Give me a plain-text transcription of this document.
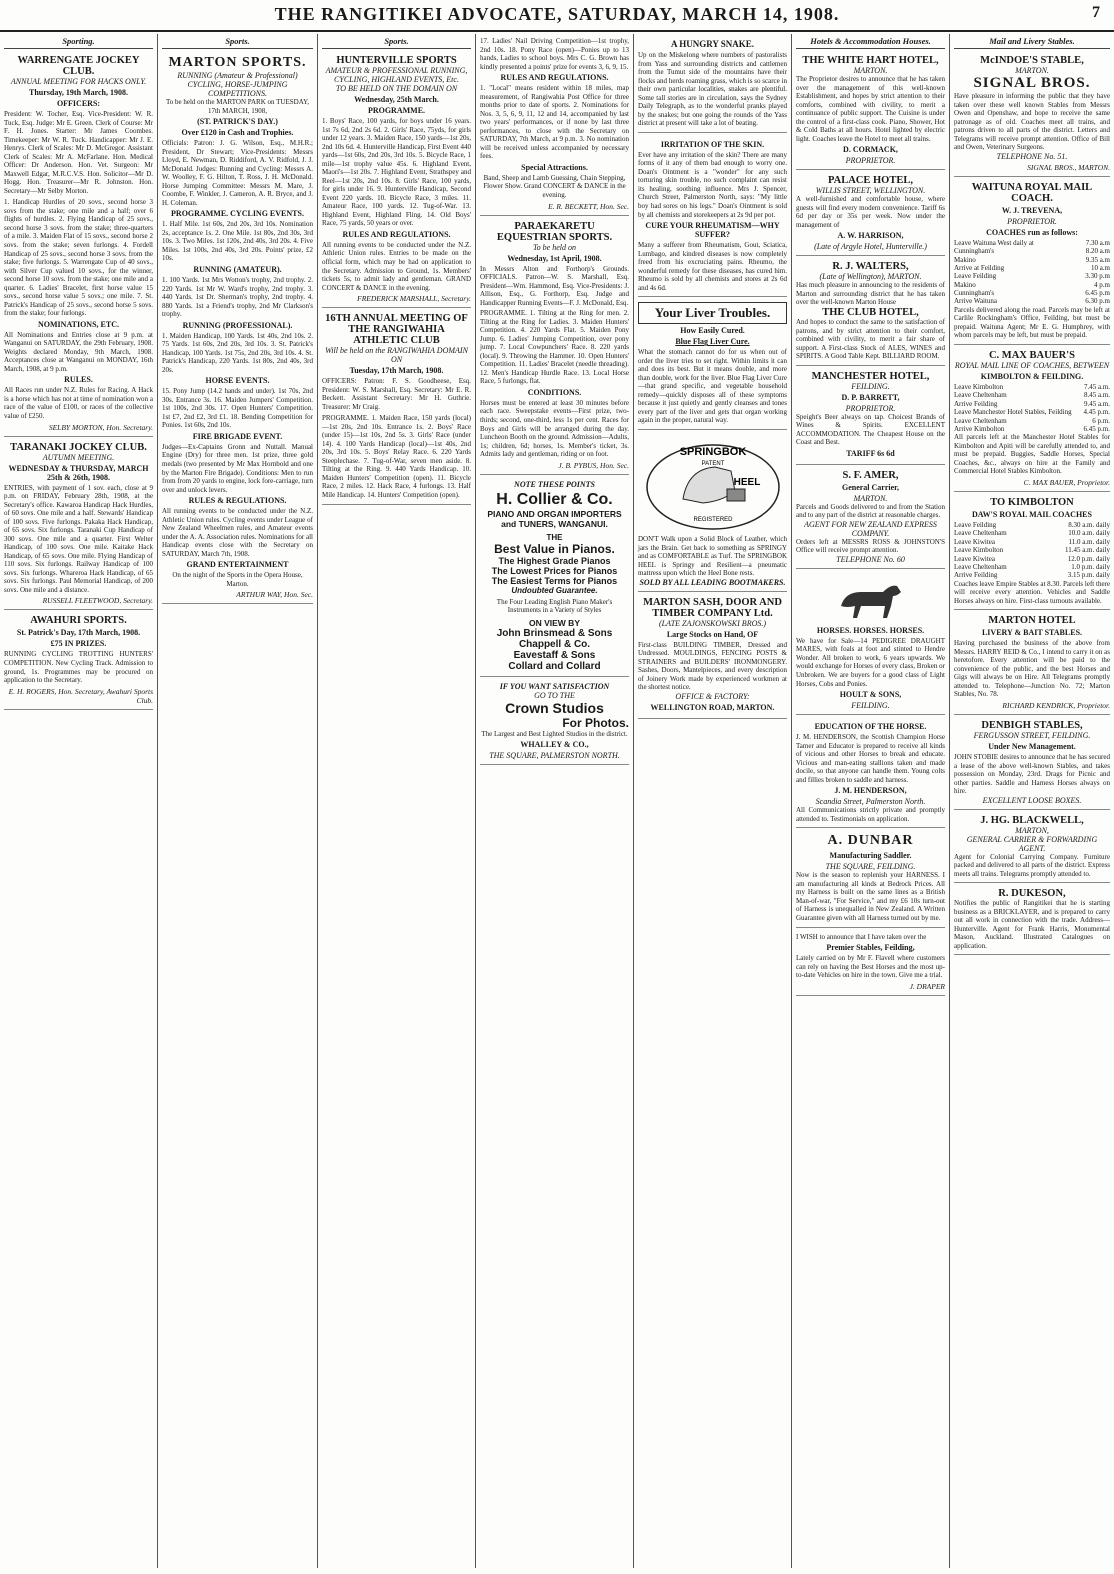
THE RANGITIKEI ADVOCATE, SATURDAY, MARCH 14, 1908.	7
Sporting.
WARRENGATE JOCKEY CLUB.
ANNUAL MEETING FOR HACKS ONLY.
Thursday, 19th March, 1908.
OFFICERS:
President: W. Tocher, Esq. Vice-President: W. R. Tuck, Esq. Judge: Mr E. Green. Clerk of Course: Mr F. H. Jones. Starter: Mr James Coombes. Timekeeper: Mr W. R. Tuck. Handicapper: Mr J. E. Henrys. Clerk of Scales: Mr D. McGregor. Assistant Clerk of Scales: Mr A. McFarlane. Hon. Medical Officer: Dr Anderson. Hon. Vet. Surgeon: Mr Maxwell Edgar, M.R.C.V.S. Hon. Solicitor—Mr D. Hogg. Hon. Treasurer—Mr R. Johnston. Hon. Secretary—Mr Selby Morton.
1. Handicap Hurdles of 20 sovs., second horse 3 sovs from the stake; one mile and a half; over 6 flights of hurdles. 2. Flying Handicap of 25 sovs., second horse 3 sovs. from the stake; three-quarters of a mile. 3. Maiden Flat of 15 sovs., second horse 2 sovs. from the stake; seven furlongs. 4. Fordell Handicap of 25 sovs., second horse 3 sovs. from the stake; five furlongs. 5. Warrengate Cup of 40 sovs., with Silver Cup valued 10 sovs., for the winner, second horse 10 sovs. from the stake; one mile and a quarter. 6. Ladies' Bracelet, first horse value 15 sovs., second horse value 5 sovs.; one mile. 7. St. Patrick's Handicap of 25 sovs., second horse 5 sovs. from the stake; four furlongs.
NOMINATIONS, ETC.
All Nominations and Entries close at 9 p.m. at Wanganui on SATURDAY, the 29th February, 1908. Weights declared Monday, 9th March, 1908. Acceptances close at Wanganui on MONDAY, 16th March, 1908, at 9 p.m.
RULES.
All Races run under N.Z. Rules for Racing. A Hack is a horse which has not at time of nomination won a race of the value of £100, or races of the collective value of £250.
SELBY MORTON, Hon. Secretary.
TARANAKI JOCKEY CLUB.
AUTUMN MEETING.
WEDNESDAY & THURSDAY, MARCH 25th & 26th, 1908.
ENTRIES, with payment of 1 sov. each, close at 9 p.m. on FRIDAY, February 28th, 1908, at the Secretary's office. Kawaroa Handicap Hack Hurdles, of 60 sovs. One mile and a half. Stewards' Handicap of 100 sovs. Five furlongs. Pakaka Hack Handicap, of 65 sovs. Six furlongs. Taranaki Cup Handicap of 300 sovs. One mile and a quarter. First Welter Handicap, of 100 sovs. One mile. Kaitake Hack Handicap, of 65 sovs. One mile. Flying Handicap of 110 sovs. Six furlongs. Railway Handicap of 100 sovs. Six furlongs. Whareroa Hack Handicap, of 65 sovs. Six furlongs. Paul Memorial Handicap, of 200 sovs. One mile and a distance.
RUSSELL FLEETWOOD, Secretary.
AWAHURI SPORTS.
St. Patrick's Day, 17th March, 1908.
£75 IN PRIZES.
RUNNING CYCLING TROTTING HUNTERS' COMPETITION. New Cycling Track. Admission to ground, 1s. Programmes may be procured on application to the Secretary.
E. H. ROGERS, Hon. Secretary, Awahuri Sports Club.
Sports.
MARTON SPORTS.
RUNNING (Amateur & Professional) CYCLING, HORSE-JUMPING COMPETITIONS.
To be held on the MARTON PARK on TUESDAY, 17th MARCH, 1908,
(ST. PATRICK'S DAY.)
Over £120 in Cash and Trophies.
Officials: Patron: J. G. Wilson, Esq., M.H.R.; President, Dr Stewart; Vice-Presidents: Messrs Lloyd, E. Newman, D. Riddiford, A. V. Ridfold, J. J. McDonald. Judges: Running and Cycling: Messrs A. W. Woolley, F. G. Hilton, T. Ross, J. H. McDonald. Horse Jumping Committee: Messrs M. Mare, J. Coombe, F. Winkler, J. Cameron, A. R. Bryce, and J. H. Coleman.
PROGRAMME. CYCLING EVENTS.
1. Half Mile. 1st 60s, 2nd 20s, 3rd 10s. Nomination 2s, acceptance 1s. 2. One Mile. 1st 80s, 2nd 30s, 3rd 10s. 3. Two Miles. 1st 120s, 2nd 40s, 3rd 20s. 4. Five Miles. 1st 100s, 2nd 40s, 3rd 20s. Points' prize, £2 10s.
RUNNING (AMATEUR).
1. 100 Yards. 1st Mrs Wotton's trophy, 2nd trophy. 2. 220 Yards. 1st Mr W. Ward's trophy, 2nd trophy. 3. 440 Yards. 1st Dr. Sherman's trophy, 2nd trophy. 4. 880 Yards. 1st a Friend's trophy, 2nd Mr Clarkson's trophy.
RUNNING (PROFESSIONAL).
1. Maiden Handicap, 100 Yards. 1st 40s, 2nd 10s. 2. 75 Yards. 1st 60s, 2nd 20s, 3rd 10s. 3. St. Patrick's Handicap, 100 Yards. 1st 75s, 2nd 20s, 3rd 10s. 4. St. Patrick's Handicap, 220 Yards. 1st 80s, 2nd 40s, 3rd 20s.
HORSE EVENTS.
15. Pony Jump (14.2 hands and under). 1st 70s, 2nd 30s. Entrance 3s. 16. Maiden Jumpers' Competition. 1st 100s, 2nd 30s. 17. Open Hunters' Competition. 1st £7, 2nd £2, 3rd £1. 18. Bending Competition for Ponies. 1st 60s, 2nd 10s.
FIRE BRIGADE EVENT.
Judges—Ex-Captains Gronn and Nuttall. Manual Engine (Dry) for three men. 1st prize, three gold medals (two presented by Mr Max Hornbold and one by the Marton Fire Brigade). Conditions: Men to run from from 20 yards to engine, lock fore-carriage, turn over and unlock levers.
RULES & REGULATIONS.
All running events to be conducted under the N.Z. Athletic Union rules. Cycling events under League of New Zealand Wheelmen rules, and Amateur events under the A. A. Association rules. Nominations for all Handicap events close with the Secretary on SATURDAY, March 7th, 1908.
GRAND ENTERTAINMENT
On the night of the Sports in the Opera House, Marton.
ARTHUR WAY, Hon. Sec.
Sports.
HUNTERVILLE SPORTS
AMATEUR & PROFESSIONAL RUNNING, CYCLING, HIGHLAND EVENTS, Etc.
TO BE HELD ON THE DOMAIN ON
Wednesday, 25th March.
PROGRAMME.
1. Boys' Race, 100 yards, for boys under 16 years. 1st 7s 6d, 2nd 2s 6d. 2. Girls' Race, 75yds, for girls under 12 years. 3. Maiden Race, 150 yards—1st 20s, 2nd 10s 6d. 4. Hunterville Handicap, First Event 440 yards—1st 60s, 2nd 20s, 3rd 10s. 5. Bicycle Race, 1 mile—1st trophy value 45s. 6. Highland Event, Maori's—1st 20s. 7. Highland Event, Strathspey and Reel—1st 20s, 2nd 10s. 8. Girls' Race, 100 yards, for girls under 16. 9. Hunterville Handicap, Second Event 220 yards. 10. Bicycle Race, 3 miles. 11. Amateur Race, 100 yards. 12. Tug-of-War. 13. Highland Event, Highland Fling. 14. Old Boys' Race, 75 yards, 50 years or over.
RULES AND REGULATIONS.
All running events to be conducted under the N.Z. Athletic Union rules. Entries to be made on the official form, which may be had on application to the Secretary. Admission to Ground, 1s. Members' tickets 5s, to admit lady and gentleman. GRAND CONCERT & DANCE in the evening.
FREDERICK MARSHALL, Secretary.
16TH ANNUAL MEETING OF THE RANGIWAHIA ATHLETIC CLUB
Will be held on the RANGIWAHIA DOMAIN ON
Tuesday, 17th March, 1908.
OFFICERS: Patron: F. S. Goodheese, Esq. President: W. S. Marshall, Esq. Secretary: Mr E. R. Beckett. Assistant Secretary: Mr H. Guthrie. Treasurer: Mr Craig.
PROGRAMME. 1. Maiden Race, 150 yards (local)—1st 20s, 2nd 10s. Entrance 1s. 2. Boys' Race (under 15)—1st 10s, 2nd 5s. 3. Girls' Race (under 14). 4. 100 Yards Handicap (local)—1st 40s, 2nd 20s, 3rd 10s. 5. Boys' Relay Race. 6. 220 Yards Steeplechase. 7. Tug-of-War, seven men aside. 8. Tilting at the Ring. 9. 440 Yards Handicap. 10. Maiden Hunters' Competition (open). 11. Bicycle Race, 2 miles. 12. Hack Race, 4 furlongs. 13. Half Mile Handicap. 14. Hunters' Competition (open).
17. Ladies' Nail Driving Competition—1st trophy, 2nd 10s. 18. Pony Race (open)—Ponies up to 13 hands, Ladies to school boys. Mrs C. G. Brown has kindly presented a points' prize for events 3, 6, 9, 15.
RULES AND REGULATIONS.
1. "Local" means resident within 18 miles, map measurement, of Rangiwahia Post Office for three months prior to date of sports. 2. Nominations for Nos. 3, 5, 6, 9, 11, 12 and 14, accompanied by last two years' performances, or if none by last three performances, to close with the Secretary on SATURDAY, 7th March, at 9 p.m. 3. No nomination will be received unless accompanied by necessary fees.
Special Attractions.
Band, Sheep and Lamb Guessing, Chain Stepping, Flower Show. Grand CONCERT & DANCE in the evening.
E. R. BECKETT, Hon. Sec.
PARAEKARETU EQUESTRIAN SPORTS.
To be held on
Wednesday, 1st April, 1908.
In Messrs Alton and Forthorp's Grounds. OFFICIALS. Patron—W. S. Marshall, Esq. President—Wm. Hammond, Esq. Vice-Presidents: J. Allison, Esq., G. Forthorp, Esq. Judge and Handicapper Running Events—F. J. McDonald, Esq.
PROGRAMME. 1. Tilting at the Ring for men. 2. Tilting at the Ring for Ladies. 3. Maiden Hunters' Competition. 4. 220 Yards Flat. 5. Maiden Pony Jump. 6. Ladies' Jumping Competition, over pony jump. 7. Local Cowpunchers' Race. 8. 220 yards (local). 9. Throwing the Hammer. 10. Open Hunters' Competition. 11. Ladies' Bracelet (needle threading). 12. Men's Handicap Hurdle Race. 13. Local Horse Race, 5 furlongs, flat.
CONDITIONS.
Horses must be entered at least 30 minutes before each race. Sweepstake events—First prize, two-thirds; second, one-third, less 1s per cent. Races for Boys and Girls will be arranged during the day. Luncheon Booth on the ground. Admission—Adults, 1s; children, 6d; horses, 1s. Member's ticket, 3s. Admits lady and gentleman, riding or on foot.
J. B. PYBUS, Hon. Sec.
NOTE THESE POINTS
H. Collier & Co.
PIANO AND ORGAN IMPORTERS and TUNERS, WANGANUI.
THE
Best Value in Pianos.
The Highest Grade Pianos
The Lowest Prices for Pianos
The Easiest Terms for Pianos
Undoubted Guarantee.
The Four Leading English Piano Maker's Instruments in a Variety of Styles
ON VIEW BY
John Brinsmead & Sons
Chappell & Co.
Eavestaff & Sons
Collard and Collard
IF YOU WANT SATISFACTION
GO TO THE
Crown Studios
For Photos.
The Largest and Best Lighted Studios in the district.
WHALLEY & CO.,
THE SQUARE, PALMERSTON NORTH.
A HUNGRY SNAKE.
Up on the Miskelong where numbers of pastoralists from Yass and surrounding districts and cattlemen from the Tumut side of the mountains have their flocks and herds roaming grass, which is so scarce in their own particular localities, snakes are plentiful. Some tall stories are in circulation, says the Sydney Daily Telegraph, as to the wonderful pranks played by the snakes; but one going the rounds of the Yass district at present will take a lot of beating.
IRRITATION OF THE SKIN.
Ever have any irritation of the skin? There are many forms of it any of them bad enough to worry one. Doan's Ointment is a "wonder" for any such torturing skin trouble, no such complaint can resist its healing, soothing influence. Mrs J. Spencer, Church Street, Palmerston North, says: "My little boy had sores on his legs." Doan's Ointment is sold by all chemists and storekeepers at 2s 9d per pot.
CURE YOUR RHEUMATISM—WHY SUFFER?
Many a sufferer from Rheumatism, Gout, Sciatica, Lumbago, and kindred diseases is now completely freed from his excruciating pains. Rheumo, the wonderful remedy for these diseases, has cured him. Rheumo is sold by all chemists and stores at 2s 6d and 4s 6d.
Your Liver Troubles.
How Easily Cured.
Blue Flag Liver Cure.
What the stomach cannot do for us when out of order the liver tries to set right. Within limits it can and does its best. But it means double, and more than double, work for the liver. Blue Flag Liver Cure—that grand specific, and vegetable household remedy—quickly disposes all of these symptoms because it just quietly and gently cleanses and tones every part of the liver and gets that organ working again in the proper, natural way.
SPRINGBOK
PATENT
HEEL
REGISTERED
DON'T Walk upon a Solid Block of Leather, which jars the Brain. Get back to something as SPRINGY and as COMFORTABLE as Turf. The SPRINGBOK HEEL is Springy and Resilient—a pneumatic mattress upon which the Heel Bone rests.
SOLD BY ALL LEADING BOOTMAKERS.
MARTON SASH, DOOR AND TIMBER COMPANY Ltd.
(LATE ZAJONSKOWSKI BROS.)
Large Stocks on Hand, OF
First-class BUILDING TIMBER, Dressed and Undressed. MOULDINGS, FENCING POSTS & STRAINERS and BUILDERS' IRONMONGERY. Sashes, Doors, Mantelpieces, and every description of Joinery Work made by experienced workmen at the shortest notice.
OFFICE & FACTORY:
WELLINGTON ROAD, MARTON.
Hotels & Accommodation Houses.
THE WHITE HART HOTEL,
MARTON.
The Proprietor desires to announce that he has taken over the management of this well-known Establishment, and hopes by strict attention to their comforts, combined with civility, to merit a continuance of public support. The Cuisine is under the control of a first-class cook. Piano, Shower, Hot & Cold Baths at all hours. Hotel lighted by electric light. Coaches leave the Hotel to meet all trains.
D. CORMACK,
PROPRIETOR.
PALACE HOTEL,
WILLIS STREET, WELLINGTON.
A well-furnished and comfortable house, where guests will find every modern convenience. Tariff 6s 6d per day or 35s per week. Now under the management of
A. W. HARRISON,
(Late of Argyle Hotel, Hunterville.)
R. J. WALTERS,
(Late of Wellington), MARTON.
Has much pleasure in announcing to the residents of Marton and surrounding district that he has taken over the well-known Marton House
THE CLUB HOTEL,
And hopes to conduct the same to the satisfaction of patrons, and by strict attention to their comfort, combined with civility, to merit a fair share of support. A First-class Stock of ALES, WINES and SPIRITS. A Good Table Kept. BILLIARD ROOM.
MANCHESTER HOTEL,
FEILDING.
D. P. BARRETT,
PROPRIETOR.
Speight's Beer always on tap. Choicest Brands of Wines & Spirits. EXCELLENT ACCOMMODATION. The Cheapest House on the Coast and Best.
TARIFF 6s 6d
S. F. AMER,
General Carrier,
MARTON.
Parcels and Goods delivered to and from the Station and to any part of the district at reasonable charges.
AGENT FOR NEW ZEALAND EXPRESS COMPANY.
Orders left at MESSRS ROSS & JOHNSTON'S Office will receive prompt attention.
TELEPHONE No. 60
HORSES. HORSES. HORSES.
We have for Sale—14 PEDIGREE DRAUGHT MARES, with foals at foot and stinted to Hendre Wonder. All broken to work, 6 years upwards. We would exchange for Horses of every class, Broken or Unbroken. We are buyers for a good class of Light Horses, Cobs and Ponies.
HOULT & SONS,
FEILDING.
EDUCATION OF THE HORSE.
J. M. HENDERSON, the Scottish Champion Horse Tamer and Educator is prepared to receive all kinds of vicious and other Horses to break and educate. Vicious and man-eating stallions taken and made docile, so that anyone can handle them. Young colts and fillies broken to saddle and harness.
J. M. HENDERSON,
Scandia Street, Palmerston North.
All Communications strictly private and promptly attended to. Testimonials on application.
A. DUNBAR
Manufacturing Saddler.
THE SQUARE, FEILDING.
Now is the season to replenish your HARNESS. I am manufacturing all kinds at Bedrock Prices. All my Harness is built on the same lines as a British Man-of-war, "For Service," and my £6 10s turn-out of Harness is unequalled in New Zealand. A Written Guarantee given with all Harness turned out by me.
I WISH to announce that I have taken over the
Premier Stables, Feilding,
Lately carried on by Mr F. Flavell where customers can rely on having the Best Horses and the most up-to-date Vehicles on hire in the town. Give me a trial.
J. DRAPER
Mail and Livery Stables.
McINDOE'S STABLE,
MARTON.
SIGNAL BROS.
Have pleasure in informing the public that they have taken over these well known Stables from Messrs Owen and Openshaw, and hope to receive the same patronage as of old. Coaches meet all trains, and patrons driven to all parts of the district. Letters and Telegrams will receive prompt attention. Office of Bill and Owen, Veterinary Surgeons.
TELEPHONE No. 51.
SIGNAL BROS., MARTON.
WAITUNA ROYAL MAIL COACH.
W. J. TREVENA,
PROPRIETOR.
COACHES run as follows:
Leave Waituna West daily at	7.30 a.m
Cunningham's	8.20 a.m
Makino	9.35 a.m
Arrive at Feilding	10 a.m
Leave Feilding	3.30 p.m
Makino	4 p.m
Cunningham's	6.45 p.m
Arrive Waituna	6.30 p.m
Parcels delivered along the road. Parcels may be left at Carlile Rockingham's Office, Feilding, but must be prepaid. Waituna Agent; Mr E. G. Humphrey, with whom parcels may be left, but must be prepaid.
C. MAX BAUER'S
ROYAL MAIL LINE OF COACHES, BETWEEN
KIMBOLTON & FEILDING.
Leave Kimbolton	7.45 a.m.
Leave Cheltenham	8.45 a.m.
Arrive Feilding	9.45 a.m.
Leave Manchester Hotel Stables, Feilding 4.45 p.m.
Leave Cheltenham	6 p.m.
Arrive Kimbolton	6.45 p.m.
All parcels left at the Manchester Hotel Stables for Kimbolton and Apiti will be carefully attended to, and must be prepaid. Buggies, Saddle Horses, Special Coaches, &c., always on hire at the Family and Commercial Hotel Stables Kimbolton.
C. MAX BAUER, Proprietor.
TO KIMBOLTON
DAW'S ROYAL MAIL COACHES
Leave Feilding	8.30 a.m. daily
Leave Cheltenham	10.0 a.m. daily
Leave Kiwitea	11.0 a.m. daily
Leave Kimbolton	11.45 a.m. daily
Leave Kiwitea	12.0 p.m. daily
Leave Cheltenham	1.0 p.m. daily
Arrive Feilding	3.15 p.m. daily
Coaches leave Empire Stables at 8.30. Parcels left there will receive every attention. Vehicles and Saddle Horses always on hire. First-class turnouts available.
MARTON HOTEL
LIVERY & BAIT STABLES.
Having purchased the business of the above from Messrs. HARRY REID & Co., I intend to carry it on as heretofore. Every attention will be paid to the convenience of the public, and the best Horses and Gigs will always be on Hire. All Telegrams promptly attended to. Telephone—Junction No. 72; Marton Stables, No. 78.
RICHARD KENDRICK, Proprietor.
DENBIGH STABLES,
FERGUSSON STREET, FEILDING.
Under New Management.
JOHN STOBIE desires to announce that he has secured a lease of the above well-known Stables, and takes possession on Monday, 23rd. Drags for Picnic and other parties. Saddle and Harness Horses always on hire.
EXCELLENT LOOSE BOXES.
J. HG. BLACKWELL,
MARTON,
GENERAL CARRIER & FORWARDING AGENT.
Agent for Colonial Carrying Company. Furniture packed and delivered to all parts of the district. Express meets all trains. Telegrams promptly attended to.
R. DUKESON,
Notifies the public of Rangitikei that he is starting business as a BRICKLAYER, and is prepared to carry out all work in connection with the trade. Address—Hunterville. Agent for Frank Harris, Monumental Mason, Auckland. Illustrated Catalogues on application.
